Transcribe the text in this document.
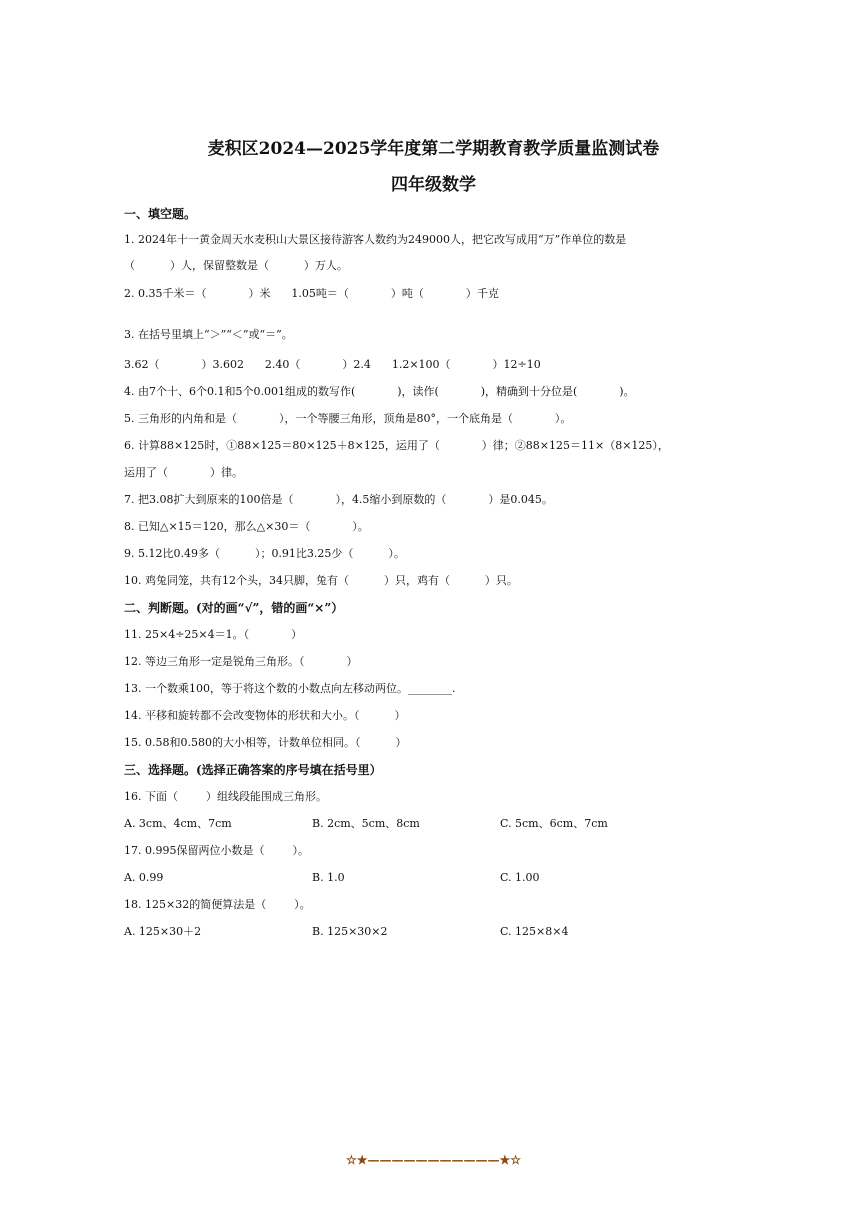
麦积区2024—2025学年度第二学期教育教学质量监测试卷
四年级数学
一、填空题。
1. 2024年十一黄金周天水麦积山大景区接待游客人数约为249000人，把它改写成用“万”作单位的数是
（          ）人，保留整数是（          ）万人。
2. 0.35千米＝（            ）米      1.05吨＝（            ）吨（            ）千克
3. 在括号里填上“＞”“＜”或“＝”。
3.62（            ）3.602      2.40（            ）2.4      1.2×100（            ）12÷10
4. 由7个十、6个0.1和5个0.001组成的数写作(            )，读作(            )，精确到十分位是(            )。
5. 三角形的内角和是（            ），一个等腰三角形，顶角是80°，一个底角是（            ）。
6. 计算88×125时，①88×125＝80×125＋8×125，运用了（            ）律；②88×125＝11×（8×125），
运用了（            ）律。
7. 把3.08扩大到原来的100倍是（            ），4.5缩小到原数的（            ）是0.045。
8. 已知△×15＝120，那么△×30＝（            ）。
9. 5.12比0.49多（          ）；0.91比3.25少（          ）。
10. 鸡兔同笼，共有12个头，34只脚，兔有（          ）只，鸡有（          ）只。
二、判断题。(对的画“√”，错的画“×”）
11. 25×4÷25×4＝1。（            ）
12. 等边三角形一定是锐角三角形。（            ）
13. 一个数乘100，等于将这个数的小数点向左移动两位。________.
14. 平移和旋转都不会改变物体的形状和大小。（          ）
15. 0.58和0.580的大小相等，计数单位相同。（          ）
三、选择题。(选择正确答案的序号填在括号里）
16. 下面（        ）组线段能围成三角形。
A. 3cm、4cm、7cm	B. 2cm、5cm、8cm	C. 5cm、6cm、7cm
17. 0.995保留两位小数是（        ）。
A. 0.99	B. 1.0	C. 1.00
18. 125×32的简便算法是（        ）。
A. 125×30＋2	B. 125×30×2	C. 125×8×4
☆★———————————★☆
